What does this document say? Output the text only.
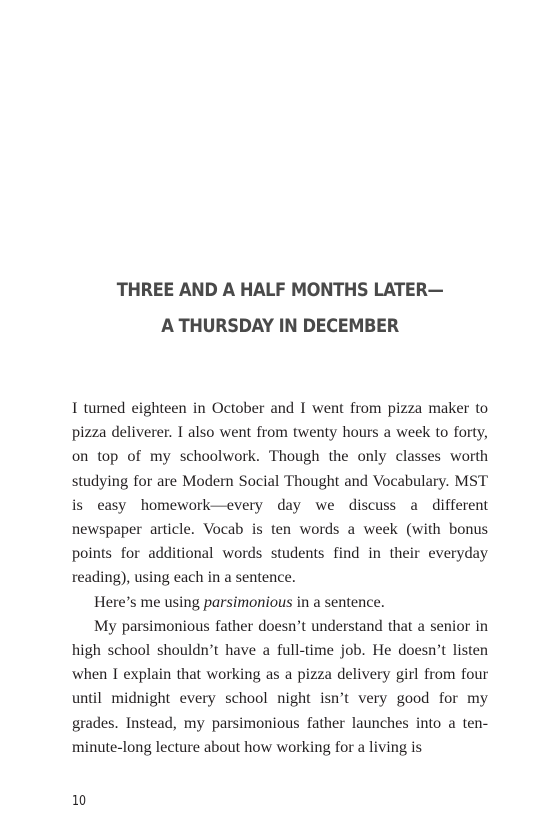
THREE AND A HALF MONTHS LATER—
A THURSDAY IN DECEMBER

I turned eighteen in October and I went from pizza maker to pizza deliverer. I also went from twenty hours a week to forty, on top of my schoolwork. Though the only classes worth studying for are Modern Social Thought and Vocabulary. MST is easy homework—every day we discuss a different newspaper article. Vocab is ten words a week (with bonus points for additional words students find in their everyday reading), using each in a sentence.

Here’s me using parsimonious in a sentence.

My parsimonious father doesn’t understand that a senior in high school shouldn’t have a full-time job. He doesn’t listen when I explain that working as a pizza delivery girl from four until midnight every school night isn’t very good for my grades. Instead, my parsimonious father launches into a ten-minute-long lecture about how working for a living is

10
